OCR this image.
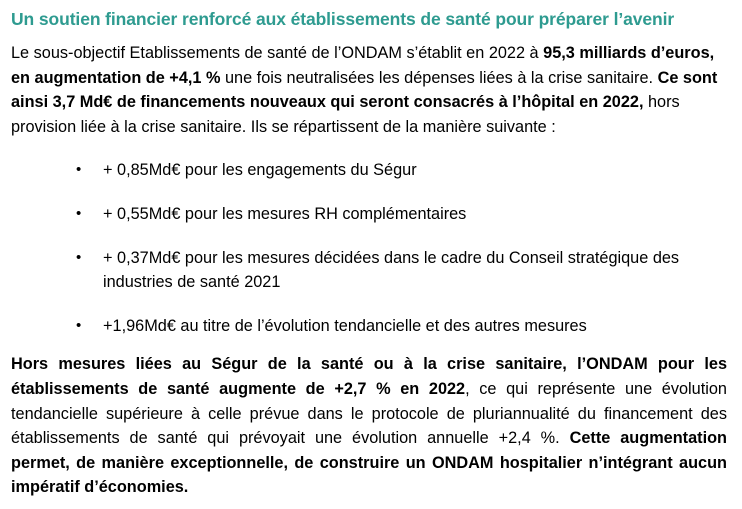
Un soutien financier renforcé aux établissements de santé pour préparer l’avenir

Le sous-objectif Etablissements de santé de l’ONDAM s’établit en 2022 à 95,3 milliards d’euros, en augmentation de +4,1 % une fois neutralisées les dépenses liées à la crise sanitaire. Ce sont ainsi 3,7 Md€ de financements nouveaux qui seront consacrés à l’hôpital en 2022, hors provision liée à la crise sanitaire. Ils se répartissent de la manière suivante :

• + 0,85Md€ pour les engagements du Ségur
• + 0,55Md€ pour les mesures RH complémentaires
• + 0,37Md€ pour les mesures décidées dans le cadre du Conseil stratégique des industries de santé 2021
• +1,96Md€ au titre de l’évolution tendancielle et des autres mesures

Hors mesures liées au Ségur de la santé ou à la crise sanitaire, l’ONDAM pour les établissements de santé augmente de +2,7 % en 2022, ce qui représente une évolution tendancielle supérieure à celle prévue dans le protocole de pluriannualité du financement des établissements de santé qui prévoyait une évolution annuelle +2,4 %. Cette augmentation permet, de manière exceptionnelle, de construire un ONDAM hospitalier n’intégrant aucun impératif d’économies.
